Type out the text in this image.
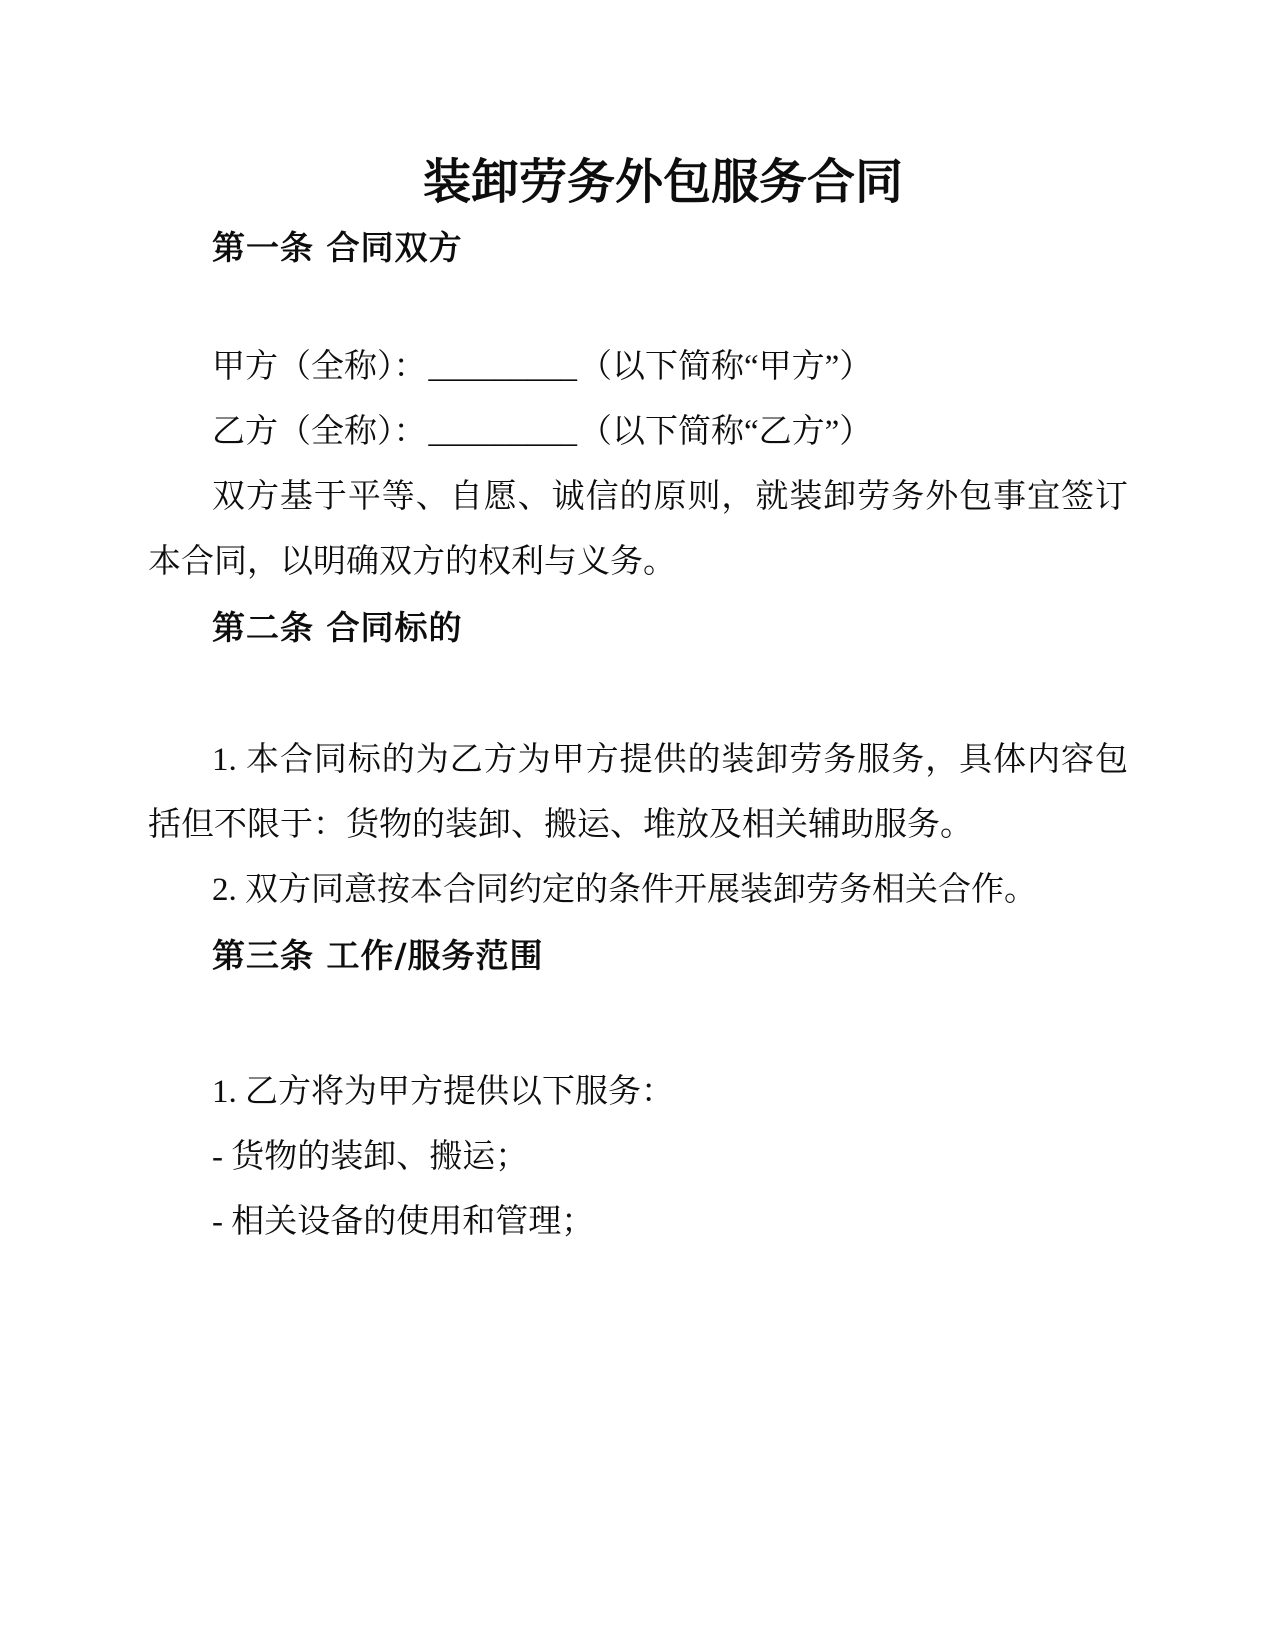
装卸劳务外包服务合同
第一条 合同双方

甲方（全称）：_________（以下简称“甲方”）

乙方（全称）：_________（以下简称“乙方”）

双方基于平等、自愿、诚信的原则，就装卸劳务外包事宜签订本合同，以明确双方的权利与义务。

第二条 合同标的

1. 本合同标的为乙方为甲方提供的装卸劳务服务，具体内容包括但不限于：货物的装卸、搬运、堆放及相关辅助服务。

2. 双方同意按本合同约定的条件开展装卸劳务相关合作。

第三条 工作/服务范围

1. 乙方将为甲方提供以下服务：

- 货物的装卸、搬运；

- 相关设备的使用和管理；
